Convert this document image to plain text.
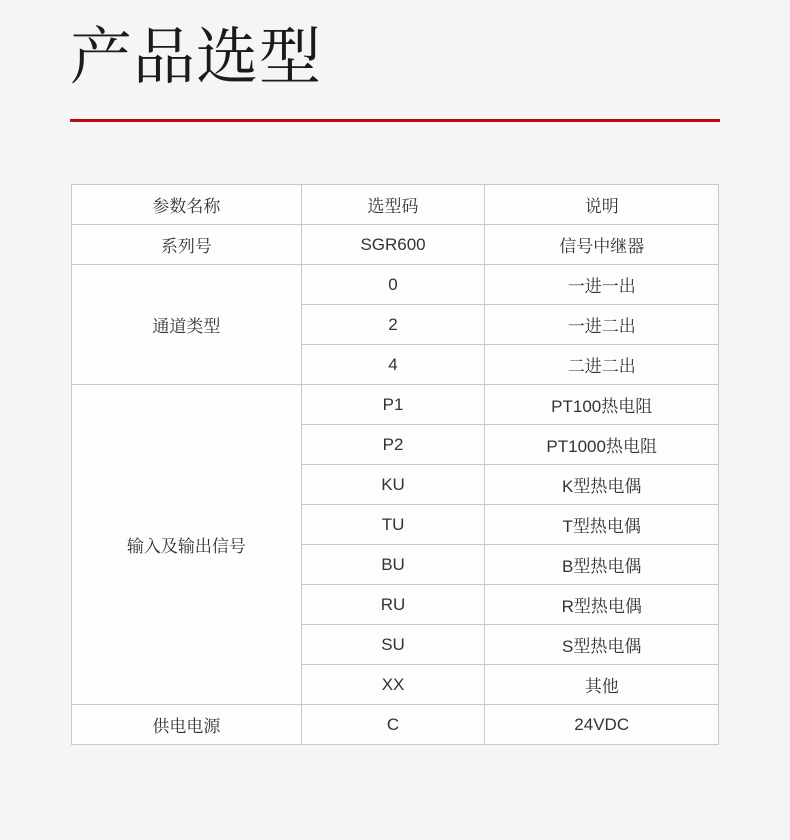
产品选型
参数名称	选型码	说明
系列号	SGR600	信号中继器
通道类型	0	一进一出
	2	一进二出
	4	二进二出
输入及输出信号	P1	PT100热电阻
	P2	PT1000热电阻
	KU	K型热电偶
	TU	T型热电偶
	BU	B型热电偶
	RU	R型热电偶
	SU	S型热电偶
	XX	其他
供电电源	C	24VDC
